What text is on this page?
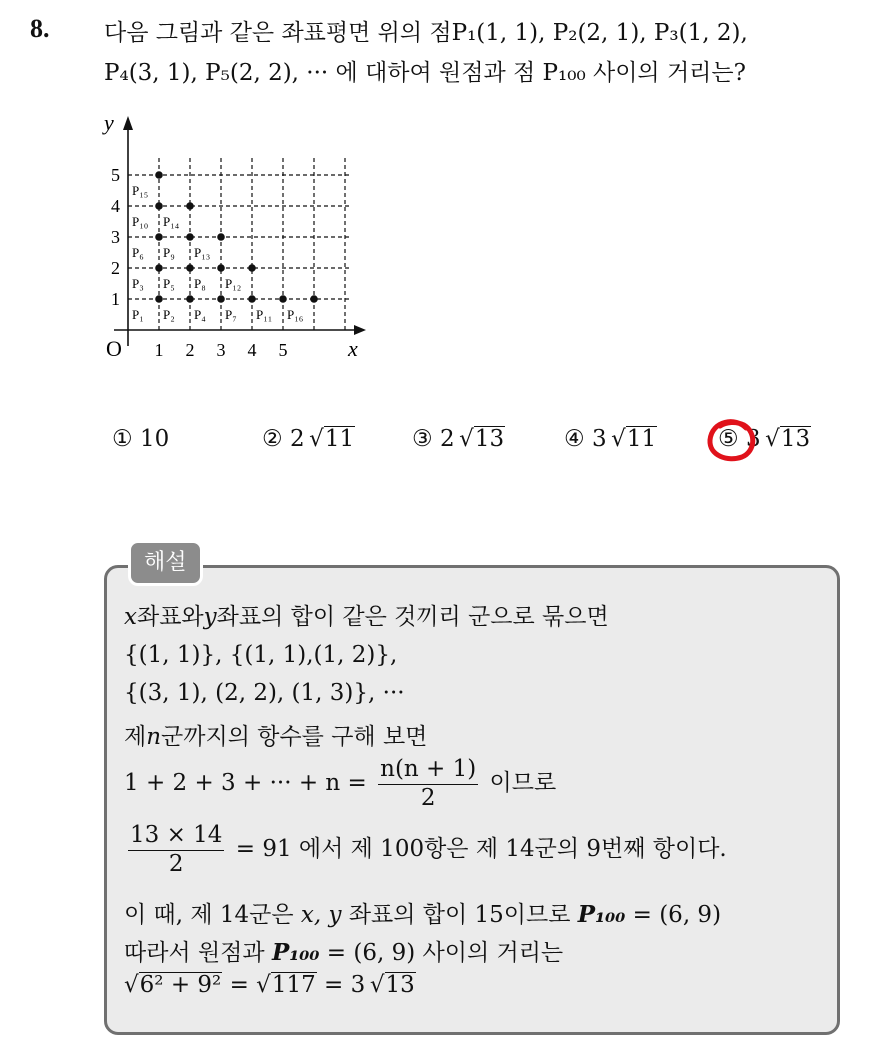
8. 다음 그림과 같은 좌표평면 위의 점P₁(1, 1), P₂(2, 1), P₃(1, 2),
P₄(3, 1), P₅(2, 2), ··· 에 대하여 원점과 점 P₁₀₀ 사이의 거리는?
y
x
O 1 2 3 4 5
1
2
3
4
5
P₁ P₂
P₃
P₄
P₅
P₆
P₇
P₈
P₉
P₁₀
P₁₁
P₁₂
P₁₃
P₁₄
P₁₅
P₁₆
① 10	② 2 √11	③ 2 √13	④ 3 √11	⑤ 3 √13
해설
x좌표와y좌표의 합이 같은 것끼리 군으로 묶으면
{(1, 1)}, {(1, 1),(1, 2)},
{(3, 1), (2, 2), (1, 3)}, ···
제n군까지의 항수를 구해 보면
1 + 2 + 3 + ··· + $n = \frac{n(n + 1)}{2}$ 이므로
$\frac{13 \times 14}{2} = 91$ 에서 제 100항은 제 14군의 9번째 항이다.
이 때, 제 14군은 x, y 좌표의 합이 15이므로 P₁₀₀ = (6, 9)
따라서 원점과 P₁₀₀ = (6, 9) 사이의 거리는
√6² + 9² = √117 = 3 √13
